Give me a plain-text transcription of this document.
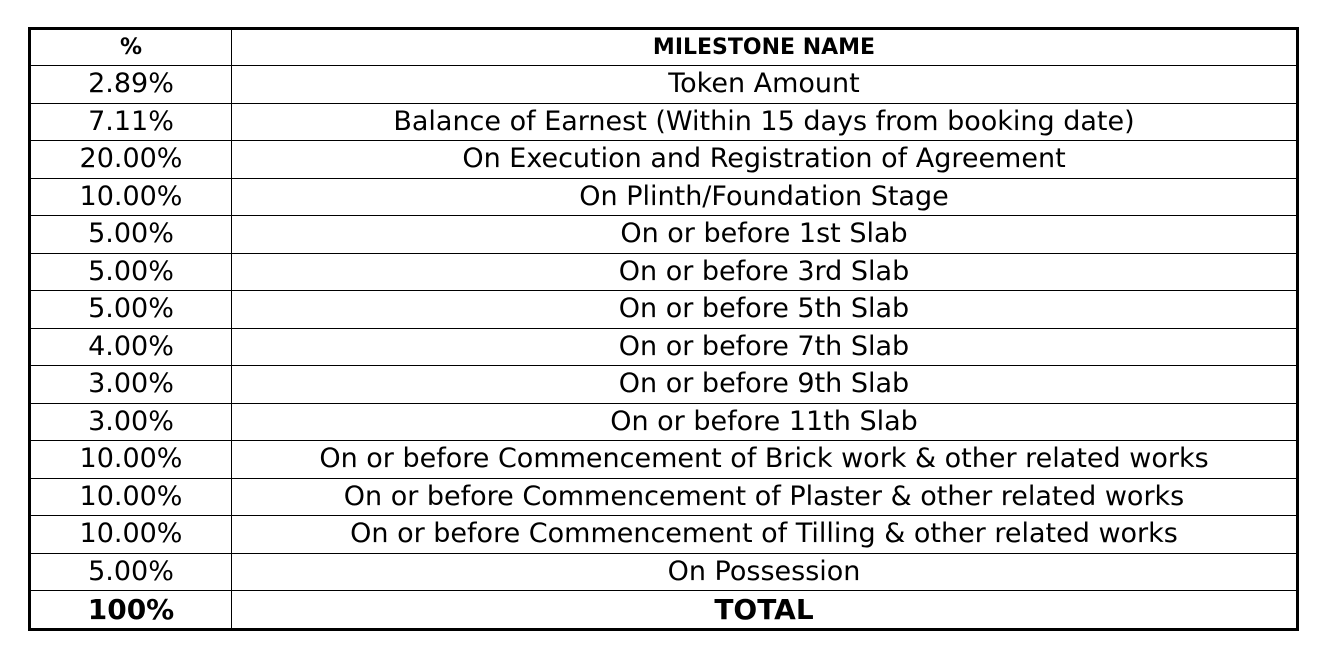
%	MILESTONE NAME
2.89%	Token Amount
7.11%	Balance of Earnest (Within 15 days from booking date)
20.00%	On Execution and Registration of Agreement
10.00%	On Plinth/Foundation Stage
5.00%	On or before 1st Slab
5.00%	On or before 3rd Slab
5.00%	On or before 5th Slab
4.00%	On or before 7th Slab
3.00%	On or before 9th Slab
3.00%	On or before 11th Slab
10.00%	On or before Commencement of Brick work & other related works
10.00%	On or before Commencement of Plaster & other related works
10.00%	On or before Commencement of Tilling & other related works
5.00%	On Possession
100%	TOTAL
